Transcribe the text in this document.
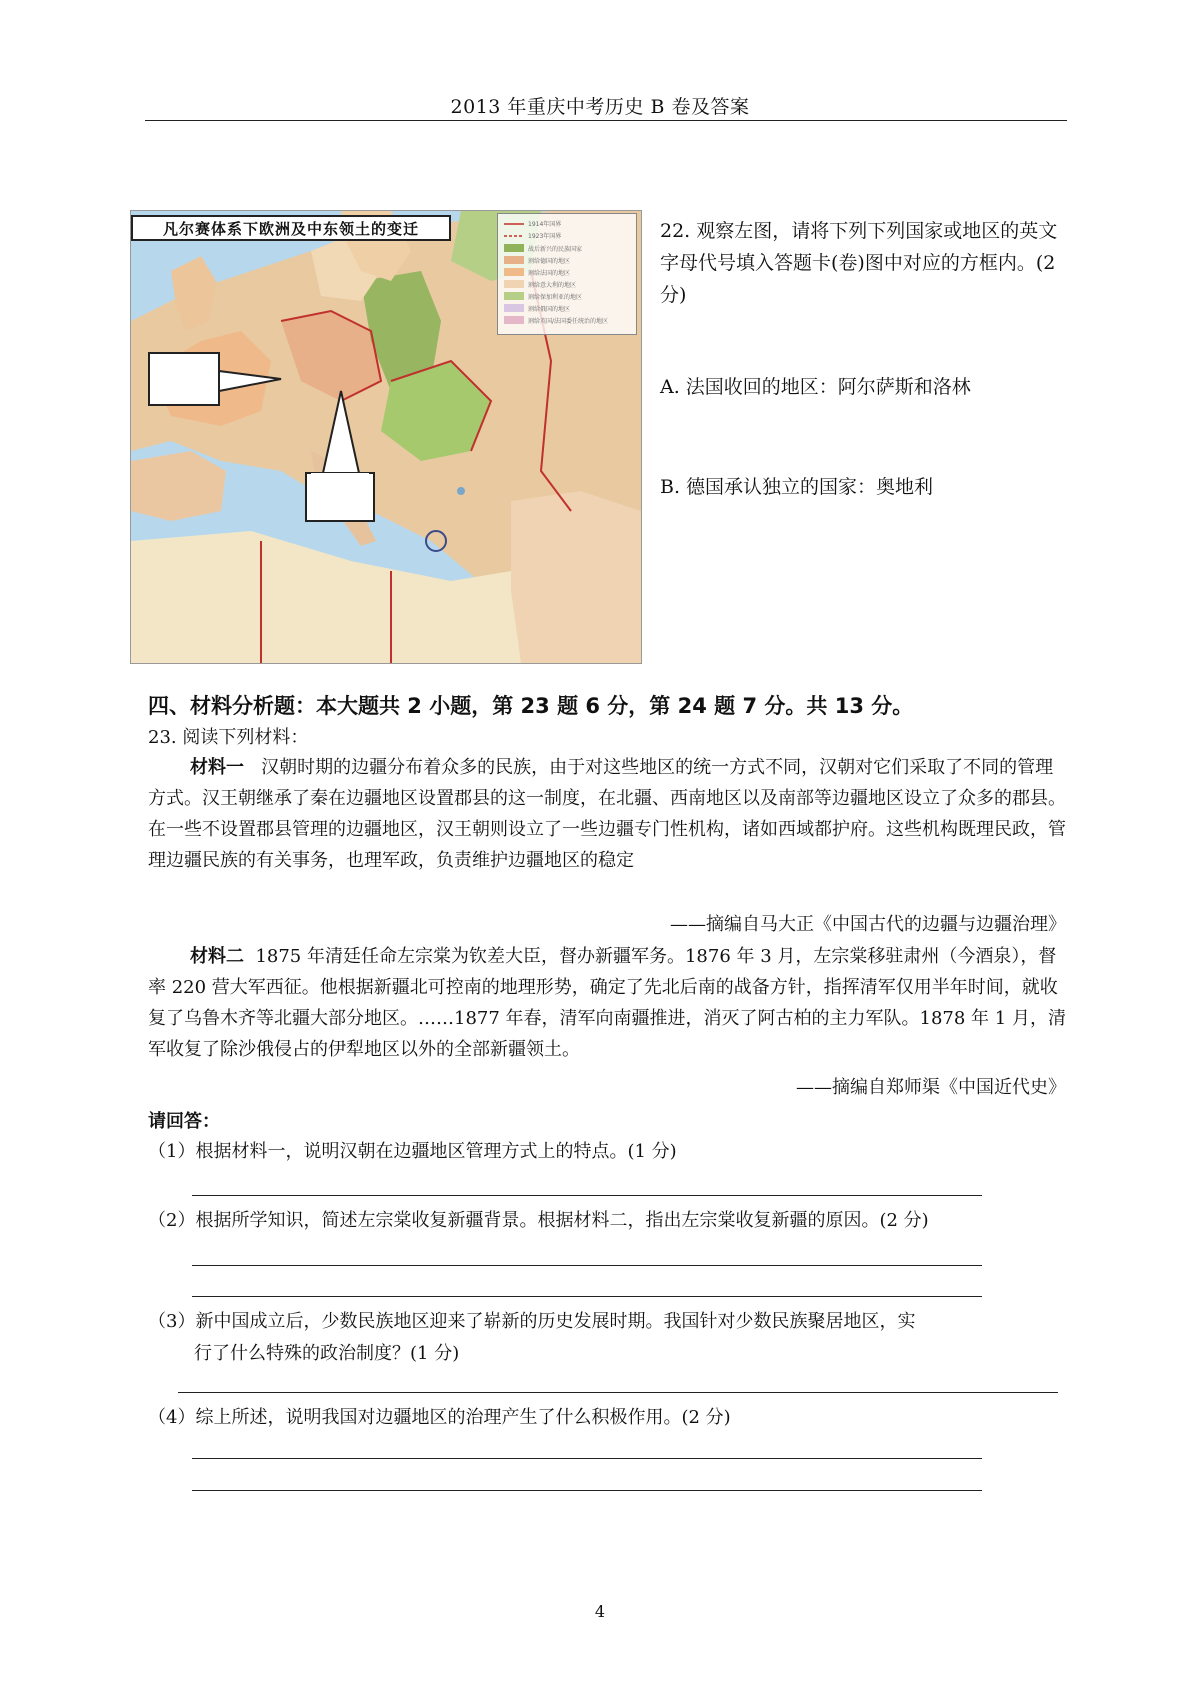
2013 年重庆中考历史 B 卷及答案
凡尔赛体系下欧洲及中东领土的变迁	1914年国界
1923年国界
战后新兴的民族国家
割给德国的地区
割给法国的地区
割给意大利的地区
割给保加利亚的地区
割给俄国的地区
割给英国/法国委任统治的地区
22. 观察左图，请将下列下列国家或地区的英文字母代号填入答题卡(卷)图中对应的方框内。(2 分)
A. 法国收回的地区：阿尔萨斯和洛林
B. 德国承认独立的国家：奥地利
四、材料分析题：本大题共 2 小题，第 23 题 6 分，第 24 题 7 分。共 13 分。
23. 阅读下列材料：
材料一 汉朝时期的边疆分布着众多的民族，由于对这些地区的统一方式不同，汉朝对它们采取了不同的管理方式。汉王朝继承了秦在边疆地区设置郡县的这一制度，在北疆、西南地区以及南部等边疆地区设立了众多的郡县。在一些不设置郡县管理的边疆地区，汉王朝则设立了一些边疆专门性机构，诸如西域都护府。这些机构既理民政，管理边疆民族的有关事务，也理军政，负责维护边疆地区的稳定
——摘编自马大正《中国古代的边疆与边疆治理》
材料二 1875 年清廷任命左宗棠为钦差大臣，督办新疆军务。1876 年 3 月，左宗棠移驻肃州（今酒泉），督率 220 营大军西征。他根据新疆北可控南的地理形势，确定了先北后南的战备方针，指挥清军仅用半年时间，就收复了乌鲁木齐等北疆大部分地区。……1877 年春，清军向南疆推进，消灭了阿古柏的主力军队。1878 年 1 月，清军收复了除沙俄侵占的伊犁地区以外的全部新疆领土。
——摘编自郑师渠《中国近代史》
请回答：
（1）根据材料一，说明汉朝在边疆地区管理方式上的特点。(1 分)
（2）根据所学知识，简述左宗棠收复新疆背景。根据材料二，指出左宗棠收复新疆的原因。(2 分)
（3）新中国成立后，少数民族地区迎来了崭新的历史发展时期。我国针对少数民族聚居地区，实
行了什么特殊的政治制度？(1 分)
（4）综上所述，说明我国对边疆地区的治理产生了什么积极作用。(2 分)
4
